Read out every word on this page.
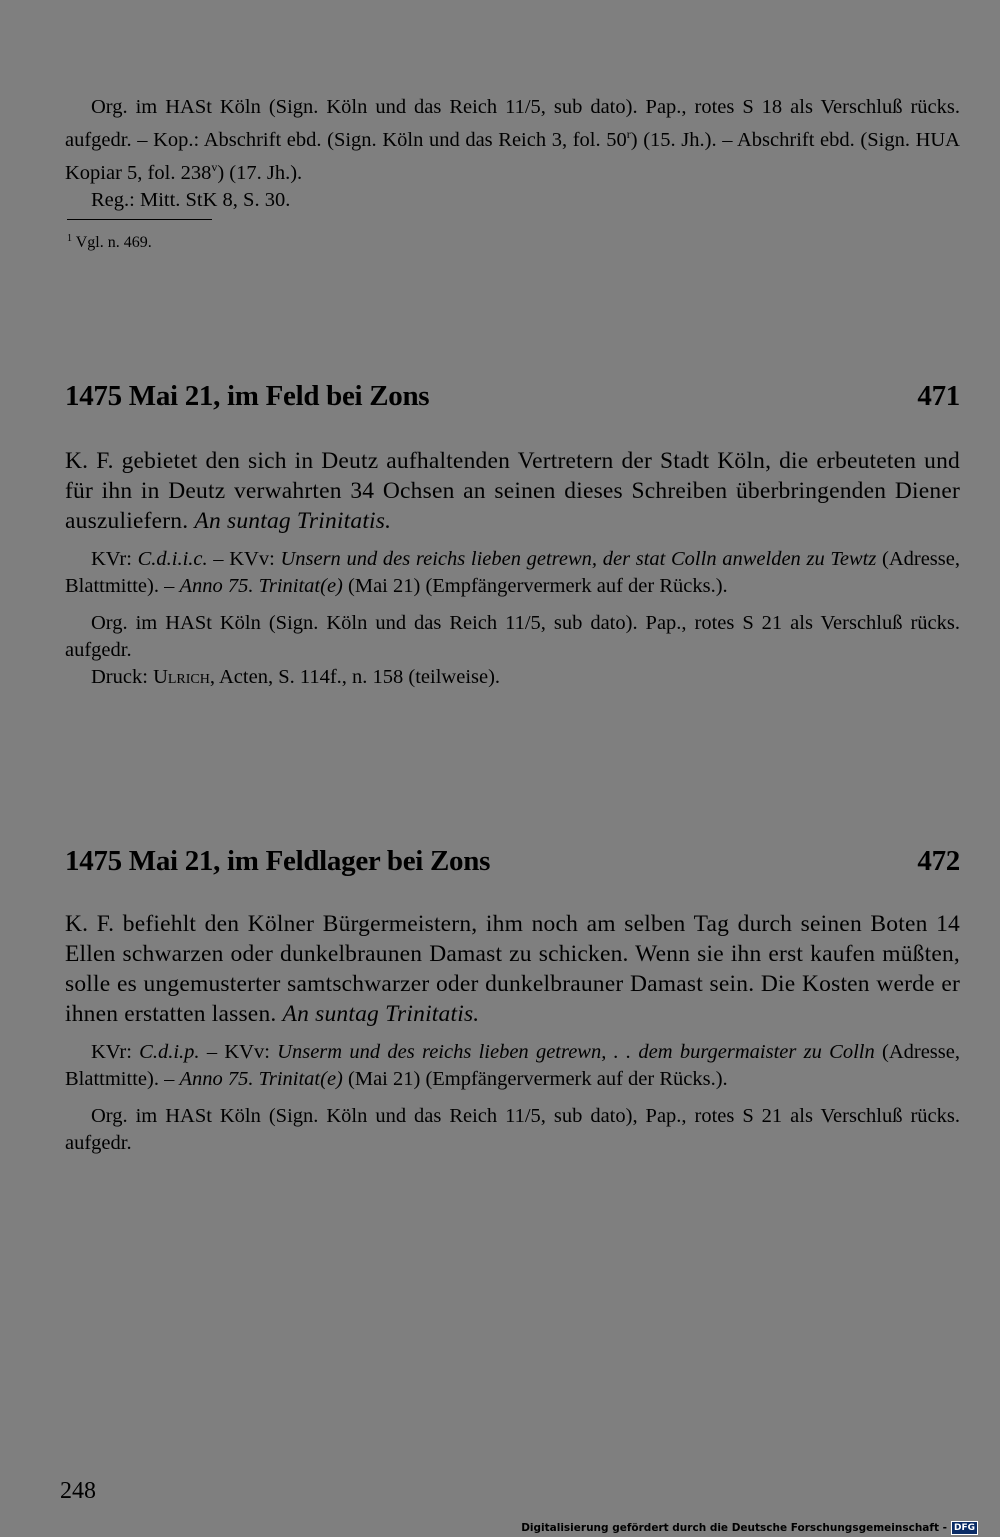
Org. im HASt Köln (Sign. Köln und das Reich 11/5, sub dato). Pap., rotes S 18 als Verschluß rücks. aufgedr. – Kop.: Abschrift ebd. (Sign. Köln und das Reich 3, fol. 50$^r$) (15. Jh.). – Abschrift ebd. (Sign. HUA Kopiar 5, fol. 238$^v$) (17. Jh.).

Reg.: Mitt. StK 8, S. 30.

$^1$ Vgl. n. 469.
1475 Mai 21, im Feld bei Zons	471

K. F. gebietet den sich in Deutz aufhaltenden Vertretern der Stadt Köln, die erbeuteten und für ihn in Deutz verwahrten 34 Ochsen an seinen dieses Schreiben überbringenden Diener auszuliefern. An suntag Trinitatis.

KVr: C.d.i.i.c. – KVv: Unsern und des reichs lieben getrewn, der stat Colln anwelden zu Tewtz (Adresse, Blattmitte). – Anno 75. Trinitat(e) (Mai 21) (Empfängervermerk auf der Rücks.).

Org. im HASt Köln (Sign. Köln und das Reich 11/5, sub dato). Pap., rotes S 21 als Verschluß rücks. aufgedr.

Druck: Ulrich, Acten, S. 114f., n. 158 (teilweise).

1475 Mai 21, im Feldlager bei Zons	472

K. F. befiehlt den Kölner Bürgermeistern, ihm noch am selben Tag durch seinen Boten 14 Ellen schwarzen oder dunkelbraunen Damast zu schicken. Wenn sie ihn erst kaufen müßten, solle es ungemusterter samtschwarzer oder dunkelbrauner Damast sein. Die Kosten werde er ihnen erstatten lassen. An suntag Trinitatis.

KVr: C.d.i.p. – KVv: Unserm und des reichs lieben getrewn, . . dem burgermaister zu Colln (Adresse, Blattmitte). – Anno 75. Trinitat(e) (Mai 21) (Empfängervermerk auf der Rücks.).

Org. im HASt Köln (Sign. Köln und das Reich 11/5, sub dato), Pap., rotes S 21 als Verschluß rücks. aufgedr.

248
Digitalisierung gefördert durch die Deutsche Forschungsgemeinschaft - DFG
